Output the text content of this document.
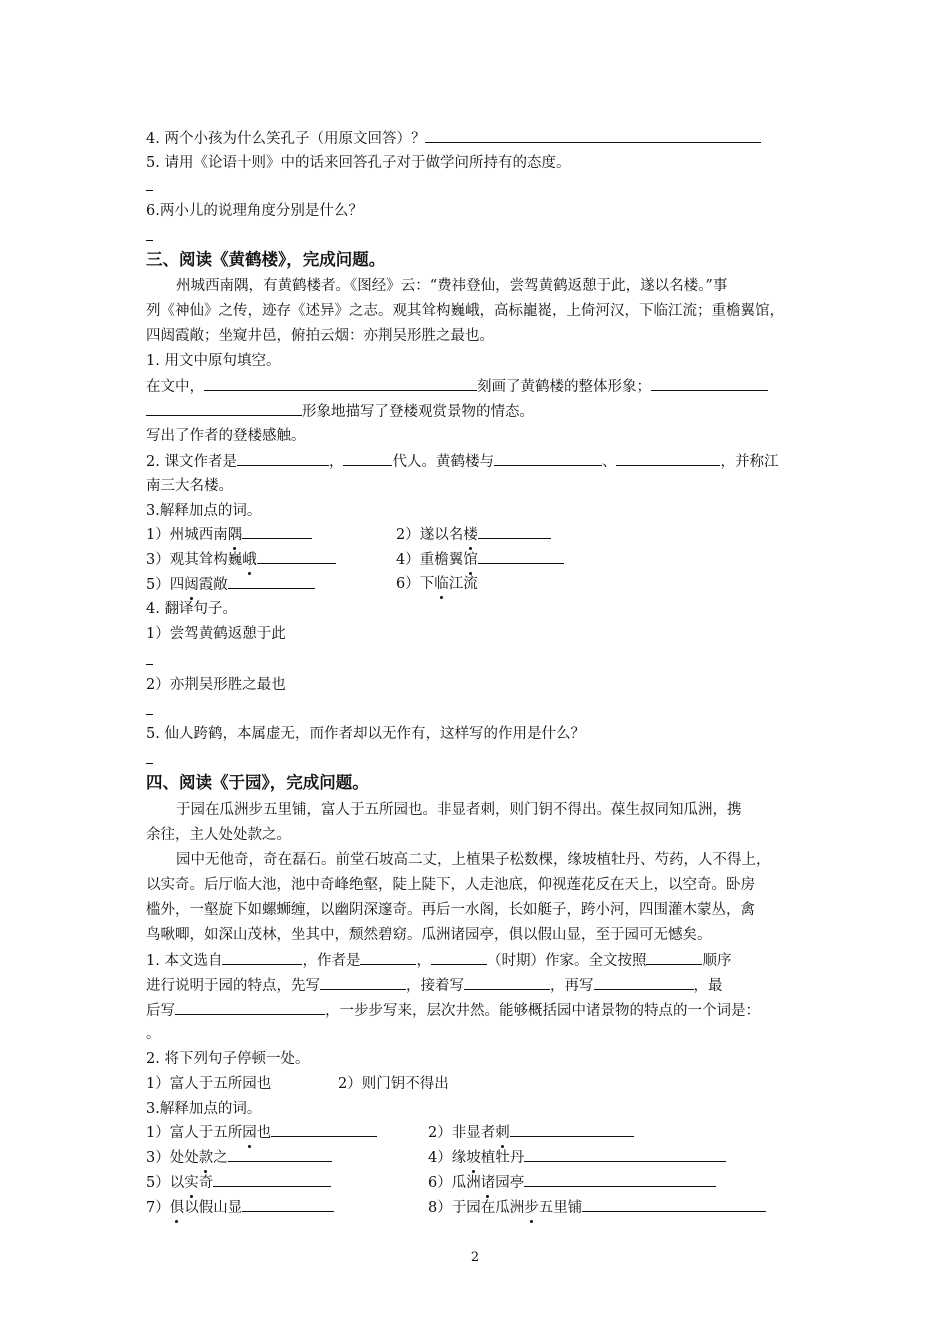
4. 两个小孩为什么笑孔子（用原文回答）？
5. 请用《论语十则》中的话来回答孔子对于做学问所持有的态度。
6.两小儿的说理角度分别是什么？
三、阅读《黄鹤楼》，完成问题。
州城西南隅，有黄鹤楼者。《图经》云：“费祎登仙，尝驾黄鹤返憩于此，遂以名楼。”事
列《神仙》之传，迹存《述异》之志。观其耸构巍峨，高标巃嵸，上倚河汉，下临江流；重檐翼馆，
四闼霞敞；坐窥井邑，俯拍云烟：亦荆吴形胜之最也。
1. 用文中原句填空。
在文中，	刻画了黄鹤楼的整体形象；
形象地描写了登楼观赏景物的情态。
写出了作者的登楼感触。
2. 课文作者是	，	代人。黄鹤楼与	、	，并称江
南三大名楼。
3.解释加点的词。
1）州城西南隅	2）遂以名楼
3）观其耸构巍峨	4）重檐翼馆
5）四闼霞敞	6）下临江流
4. 翻译句子。
1）尝驾黄鹤返憩于此
2）亦荆吴形胜之最也
5. 仙人跨鹤，本属虚无，而作者却以无作有，这样写的作用是什么？
四、阅读《于园》，完成问题。
于园在瓜洲步五里铺，富人于五所园也。非显者刺，则门钥不得出。葆生叔同知瓜洲，携
余往，主人处处款之。
园中无他奇，奇在磊石。前堂石坡高二丈，上植果子松数棵，缘坡植牡丹、芍药，人不得上，
以实奇。后厅临大池，池中奇峰绝壑，陡上陡下，人走池底，仰视莲花反在天上，以空奇。卧房
槛外，一壑旋下如螺蛳缠，以幽阴深邃奇。再后一水阁，长如艇子，跨小河，四围灌木蒙丛，禽
鸟啾唧，如深山茂林，坐其中，颓然碧窈。瓜洲诸园亭，俱以假山显，至于园可无憾矣。
1. 本文选自	，作者是	，	（时期）作家。全文按照	顺序
进行说明于园的特点，先写	，接着写	，再写	，最
后写	，一步步写来，层次井然。能够概括园中诸景物的特点的一个词是：
。
2. 将下列句子停顿一处。
1）富人于五所园也	2）则门钥不得出
3.解释加点的词。
1）富人于五所园也	2）非显者刺
3）处处款之	4）缘坡植牡丹
5）以实奇	6）瓜洲诸园亭
7）俱以假山显	8）于园在瓜洲步五里铺
2
